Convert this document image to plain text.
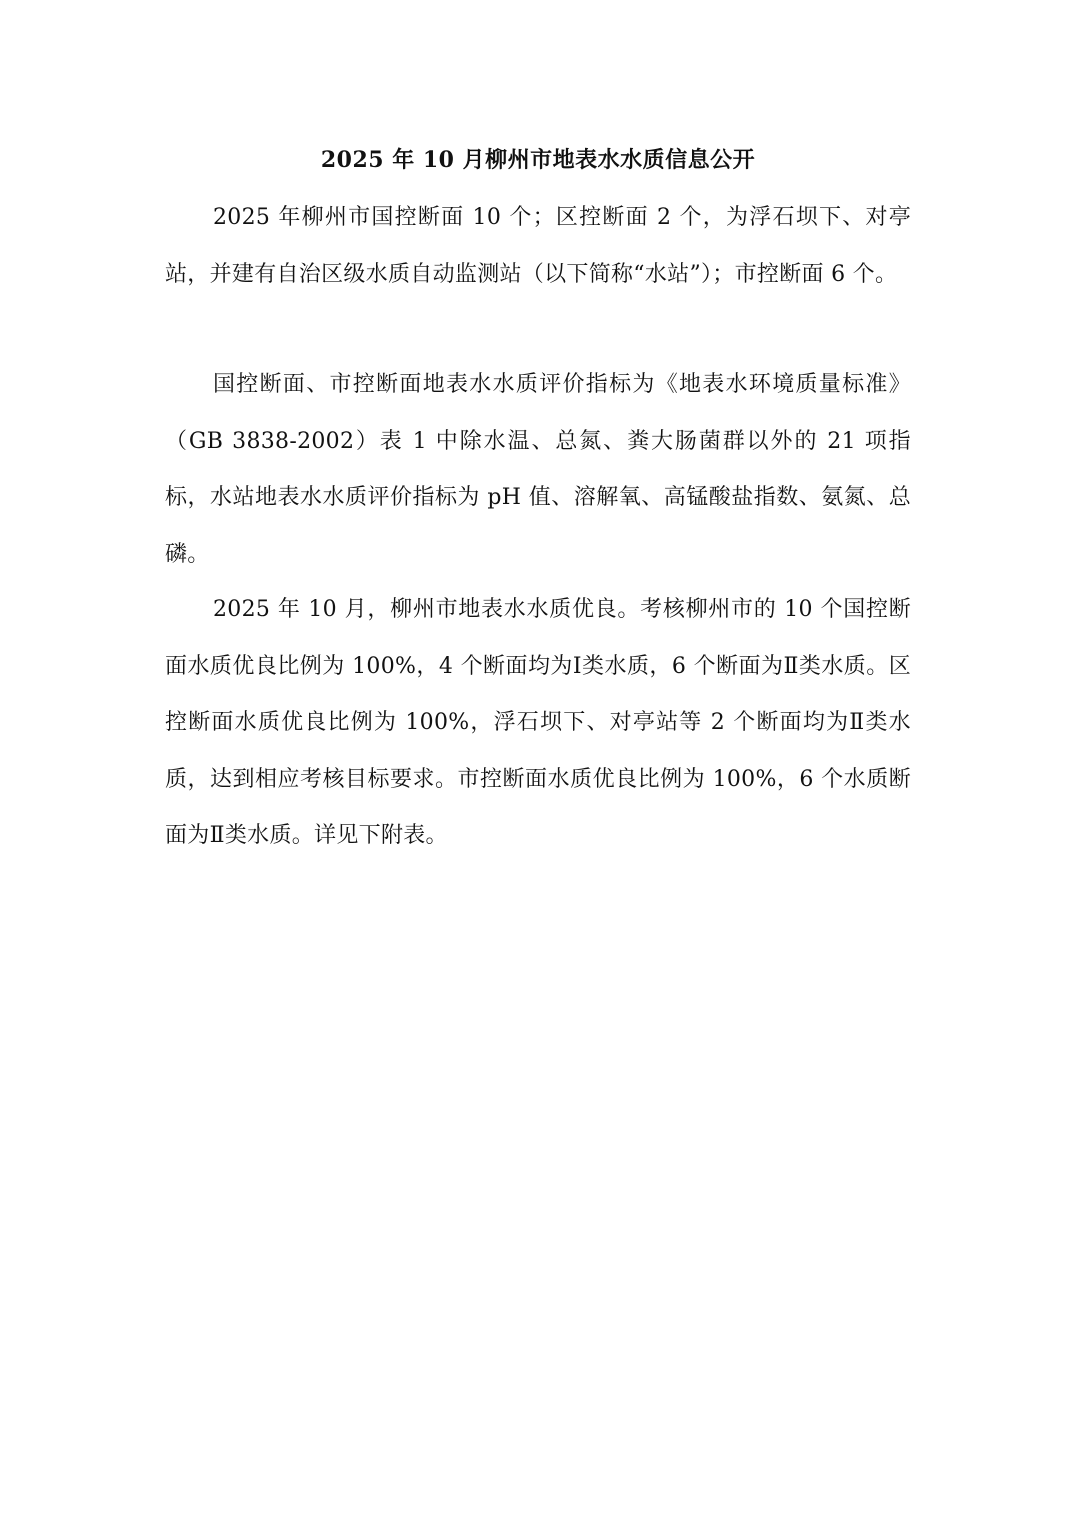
2025 年 10 月柳州市地表水水质信息公开

2025 年柳州市国控断面 10 个；区控断面 2 个，为浮石坝下、对亭站，并建有自治区级水质自动监测站（以下简称“水站”）；市控断面 6 个。

国控断面、市控断面地表水水质评价指标为《地表水环境质量标准》（GB 3838-2002）表 1 中除水温、总氮、粪大肠菌群以外的 21 项指标，水站地表水水质评价指标为 pH 值、溶解氧、高锰酸盐指数、氨氮、总磷。

2025 年 10 月，柳州市地表水水质优良。考核柳州市的 10 个国控断面水质优良比例为 100%，4 个断面均为Ⅰ类水质，6 个断面为Ⅱ类水质。区控断面水质优良比例为 100%，浮石坝下、对亭站等 2 个断面均为Ⅱ类水质，达到相应考核目标要求。市控断面水质优良比例为 100%，6 个水质断面为Ⅱ类水质。详见下附表。
